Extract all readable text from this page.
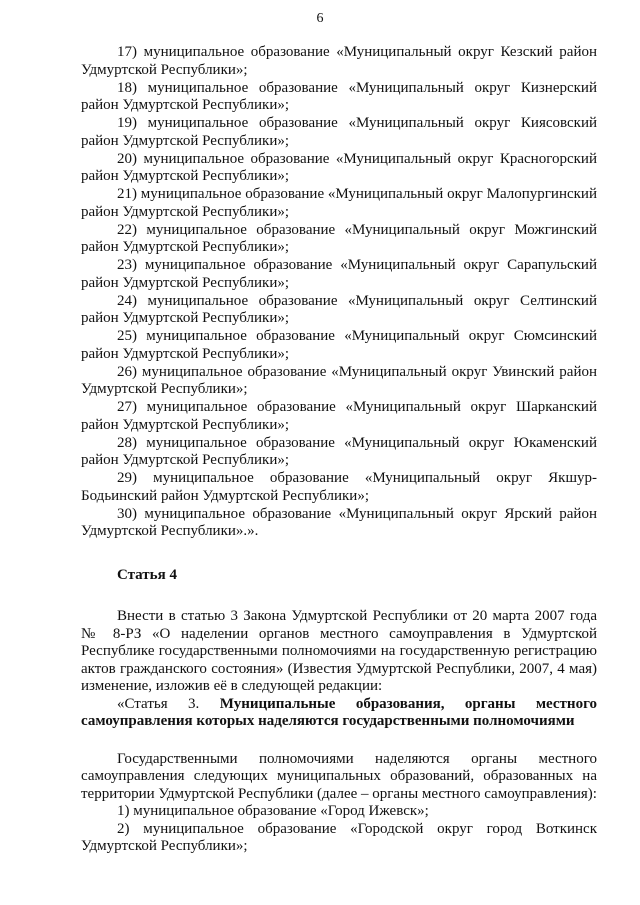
6

17) муниципальное образование «Муниципальный округ Кезский район Удмуртской Республики»;

18) муниципальное образование «Муниципальный округ Кизнерский район Удмуртской Республики»;

19) муниципальное образование «Муниципальный округ Киясовский район Удмуртской Республики»;

20) муниципальное образование «Муниципальный округ Красногорский район Удмуртской Республики»;

21) муниципальное образование «Муниципальный округ Малопургинский район Удмуртской Республики»;

22) муниципальное образование «Муниципальный округ Можгинский район Удмуртской Республики»;

23) муниципальное образование «Муниципальный округ Сарапульский район Удмуртской Республики»;

24) муниципальное образование «Муниципальный округ Селтинский район Удмуртской Республики»;

25) муниципальное образование «Муниципальный округ Сюмсинский район Удмуртской Республики»;

26) муниципальное образование «Муниципальный округ Увинский район Удмуртской Республики»;

27) муниципальное образование «Муниципальный округ Шарканский район Удмуртской Республики»;

28) муниципальное образование «Муниципальный округ Юкаменский район Удмуртской Республики»;

29) муниципальное образование «Муниципальный округ Якшур-Бодьинский район Удмуртской Республики»;

30) муниципальное образование «Муниципальный округ Ярский район Удмуртской Республики».».

Статья 4

Внести в статью 3 Закона Удмуртской Республики от 20 марта 2007 года № 8-РЗ «О наделении органов местного самоуправления в Удмуртской Республике государственными полномочиями на государственную регистрацию актов гражданского состояния» (Известия Удмуртской Республики, 2007, 4 мая) изменение, изложив её в следующей редакции:

«Статья 3. Муниципальные образования, органы местного

самоуправления которых наделяются государственными полномочиями

Государственными полномочиями наделяются органы местного самоуправления следующих муниципальных образований, образованных на территории Удмуртской Республики (далее – органы местного самоуправления):

1) муниципальное образование «Город Ижевск»;

2) муниципальное образование «Городской округ город Воткинск Удмуртской Республики»;
